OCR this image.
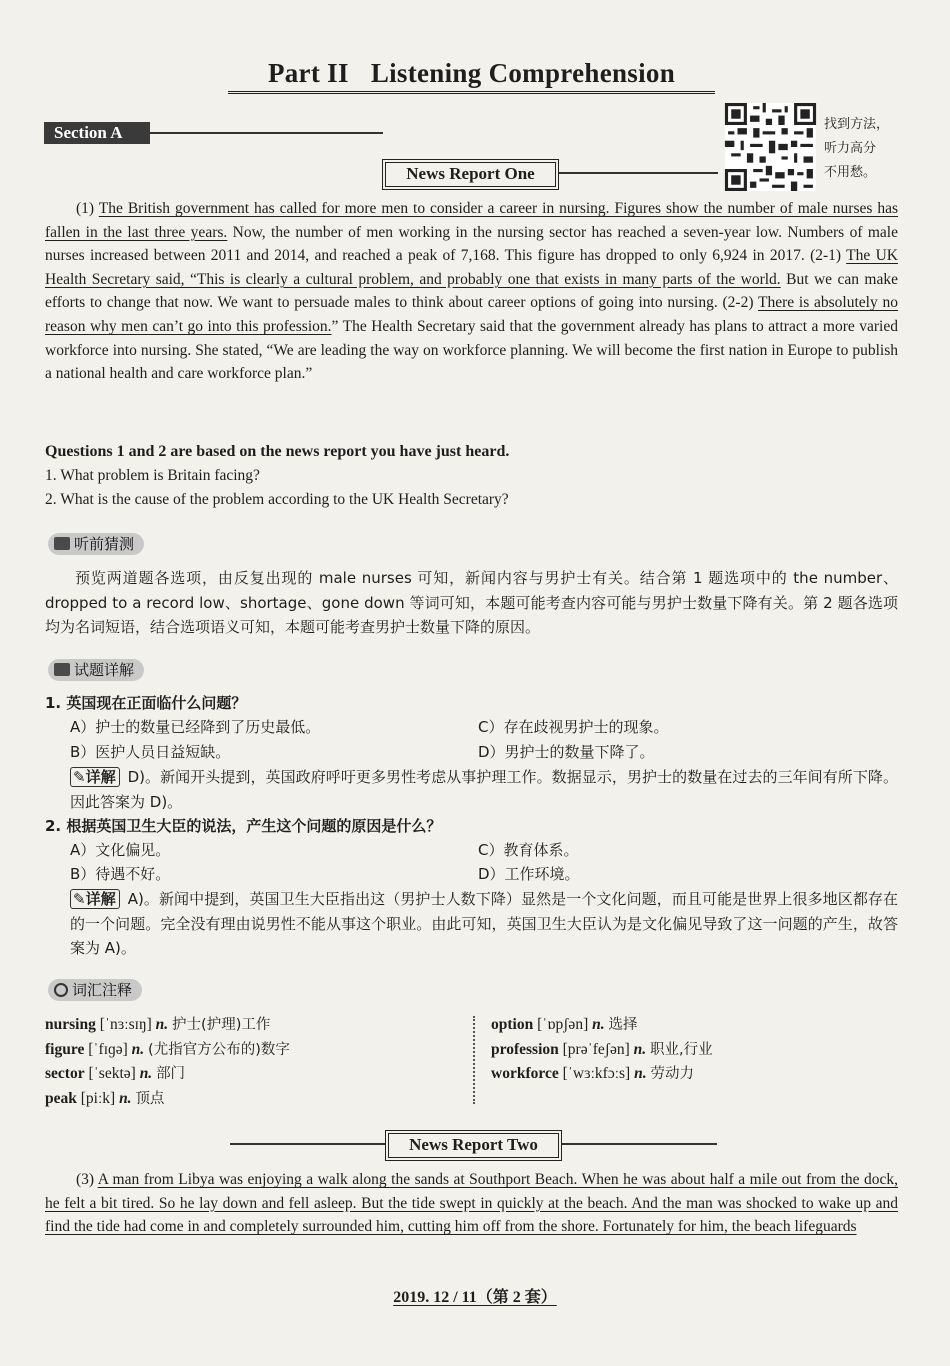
Part II Listening Comprehension
Section A
News Report One
找到方法，
听力高分
不用愁。

(1) The British government has called for more men to consider a career in nursing. Figures show the number of male nurses has fallen in the last three years. Now, the number of men working in the nursing sector has reached a seven-year low. Numbers of male nurses increased between 2011 and 2014, and reached a peak of 7,168. This figure has dropped to only 6,924 in 2017. (2-1) The UK Health Secretary said, “This is clearly a cultural problem, and probably one that exists in many parts of the world. But we can make efforts to change that now. We want to persuade males to think about career options of going into nursing. (2-2) There is absolutely no reason why men can’t go into this profession.” The Health Secretary said that the government already has plans to attract a more varied workforce into nursing. She stated, “We are leading the way on workforce planning. We will become the first nation in Europe to publish a national health and care workforce plan.”

Questions 1 and 2 are based on the news report you have just heard.
1. What problem is Britain facing?
2. What is the cause of the problem according to the UK Health Secretary?
听前猜测

预览两道题各选项，由反复出现的 male nurses 可知，新闻内容与男护士有关。结合第 1 题选项中的 the number、dropped to a record low、shortage、gone down 等词可知，本题可能考查内容可能与男护士数量下降有关。第 2 题各选项均为名词短语，结合选项语义可知，本题可能考查男护士数量下降的原因。

试题详解
1. 英国现在正面临什么问题？
A）护士的数量已经降到了历史最低。	C）存在歧视男护士的现象。
B）医护人员日益短缺。	D）男护士的数量下降了。
✎详解 D)。新闻开头提到，英国政府呼吁更多男性考虑从事护理工作。数据显示，男护士的数量在过去的三年间有所下降。因此答案为 D)。
2. 根据英国卫生大臣的说法，产生这个问题的原因是什么？
A）文化偏见。	C）教育体系。
B）待遇不好。	D）工作环境。
✎详解 A)。新闻中提到，英国卫生大臣指出这（男护士人数下降）显然是一个文化问题，而且可能是世界上很多地区都存在的一个问题。完全没有理由说男性不能从事这个职业。由此可知，英国卫生大臣认为是文化偏见导致了这一问题的产生，故答案为 A)。
词汇注释
nursing [ˈnɜːsɪŋ] n. 护士(护理)工作
figure [ˈfɪɡə] n. (尤指官方公布的)数字
sector [ˈsektə] n. 部门
peak [piːk] n. 顶点
option [ˈɒpʃən] n. 选择
profession [prəˈfeʃən] n. 职业,行业
workforce [ˈwɜːkfɔːs] n. 劳动力
News Report Two

(3) A man from Libya was enjoying a walk along the sands at Southport Beach. When he was about half a mile out from the dock, he felt a bit tired. So he lay down and fell asleep. But the tide swept in quickly at the beach. And the man was shocked to wake up and find the tide had come in and completely surrounded him, cutting him off from the shore. Fortunately for him, the beach lifeguards

2019. 12 / 11（第 2 套）
